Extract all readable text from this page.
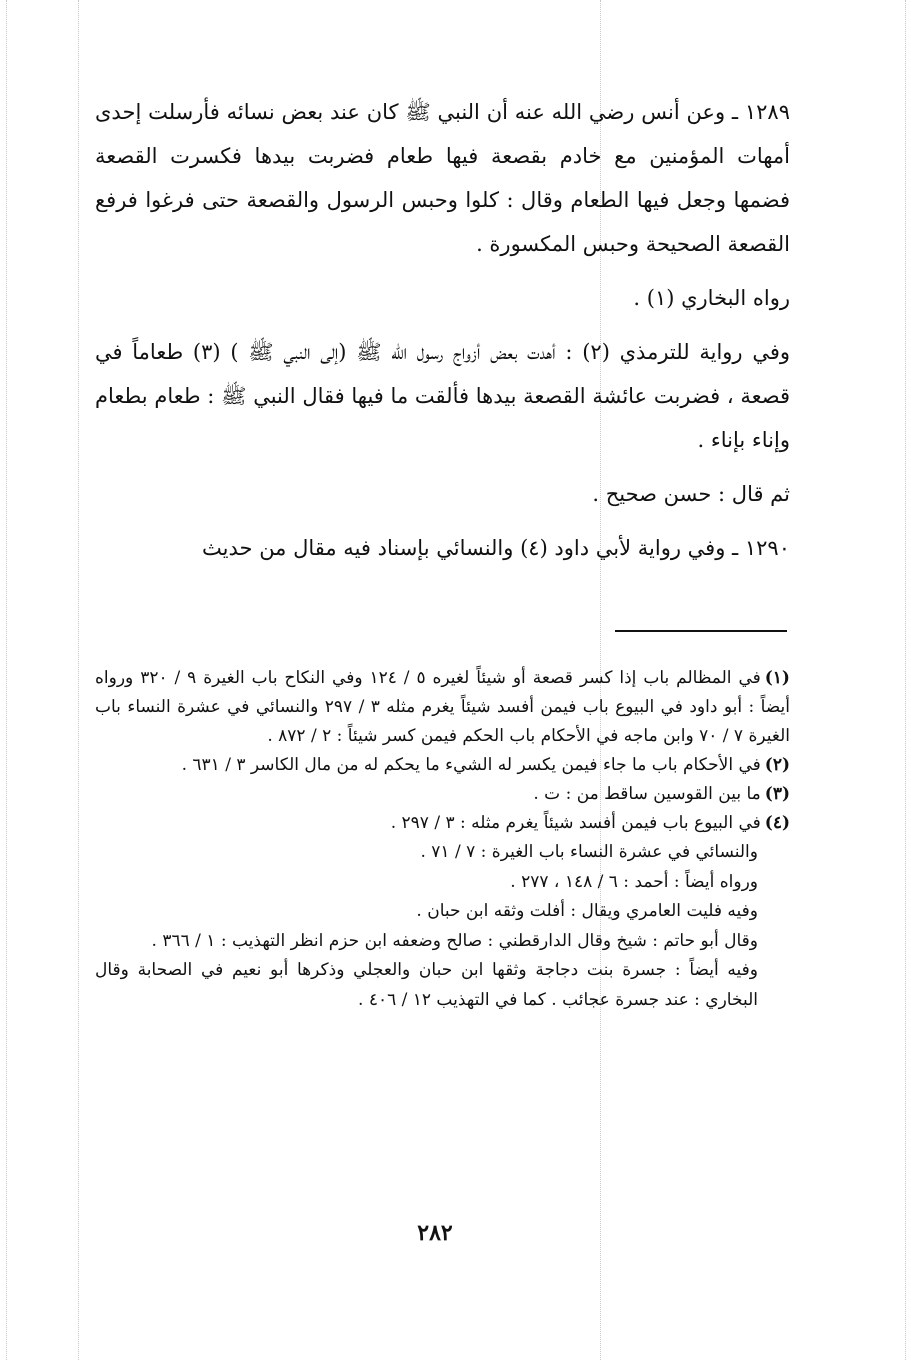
١٢٨٩ ـ وعن أنس رضي الله عنه أن النبي ﷺ كان عند بعض نسائه فأرسلت إحدى أمهات المؤمنين مع خادم بقصعة فيها طعام فضربت بيدها فكسرت القصعة فضمها وجعل فيها الطعام وقال : كلوا وحبس الرسول والقصعة حتى فرغوا فرفع القصعة الصحيحة وحبس المكسورة .

رواه البخاري (١) .

وفي رواية للترمذي (٢) : أهدت بعض أزواج رسول الله ﷺ (إلى النبي ﷺ ) (٣) طعاماً في قصعة ، فضربت عائشة القصعة بيدها فألقت ما فيها فقال النبي ﷺ : طعام بطعام وإناء بإناء .

ثم قال : حسن صحيح .

١٢٩٠ ـ وفي رواية لأبي داود (٤) والنسائي بإسناد فيه مقال من حديث

(١)في المظالم باب إذا كسر قصعة أو شيئاً لغيره ٥ / ١٢٤ وفي النكاح باب الغيرة ٩ / ٣٢٠ ورواه أيضاً : أبو داود في البيوع باب فيمن أفسد شيئاً يغرم مثله ٣ / ٢٩٧ والنسائي في عشرة النساء باب الغيرة ٧ / ٧٠ وابن ماجه في الأحكام باب الحكم فيمن كسر شيئاً : ٢ / ٨٧٢ .
(٢)في الأحكام باب ما جاء فيمن يكسر له الشيء ما يحكم له من مال الكاسر ٣ / ٦٣١ .
(٣)ما بين القوسين ساقط من : ت .
(٤)في البيوع باب فيمن أفسد شيئاً يغرم مثله : ٣ / ٢٩٧ .
والنسائي في عشرة النساء باب الغيرة : ٧ / ٧١ .
ورواه أيضاً : أحمد : ٦ / ١٤٨ ، ٢٧٧ .
وفيه فليت العامري ويقال : أفلت وثقه ابن حبان .
وقال أبو حاتم : شيخ وقال الدارقطني : صالح وضعفه ابن حزم انظر التهذيب : ١ / ٣٦٦ .
وفيه أيضاً : جسرة بنت دجاجة وثقها ابن حبان والعجلي وذكرها أبو نعيم في الصحابة وقال البخاري : عند جسرة عجائب . كما في التهذيب ١٢ / ٤٠٦ .
٢٨٢
